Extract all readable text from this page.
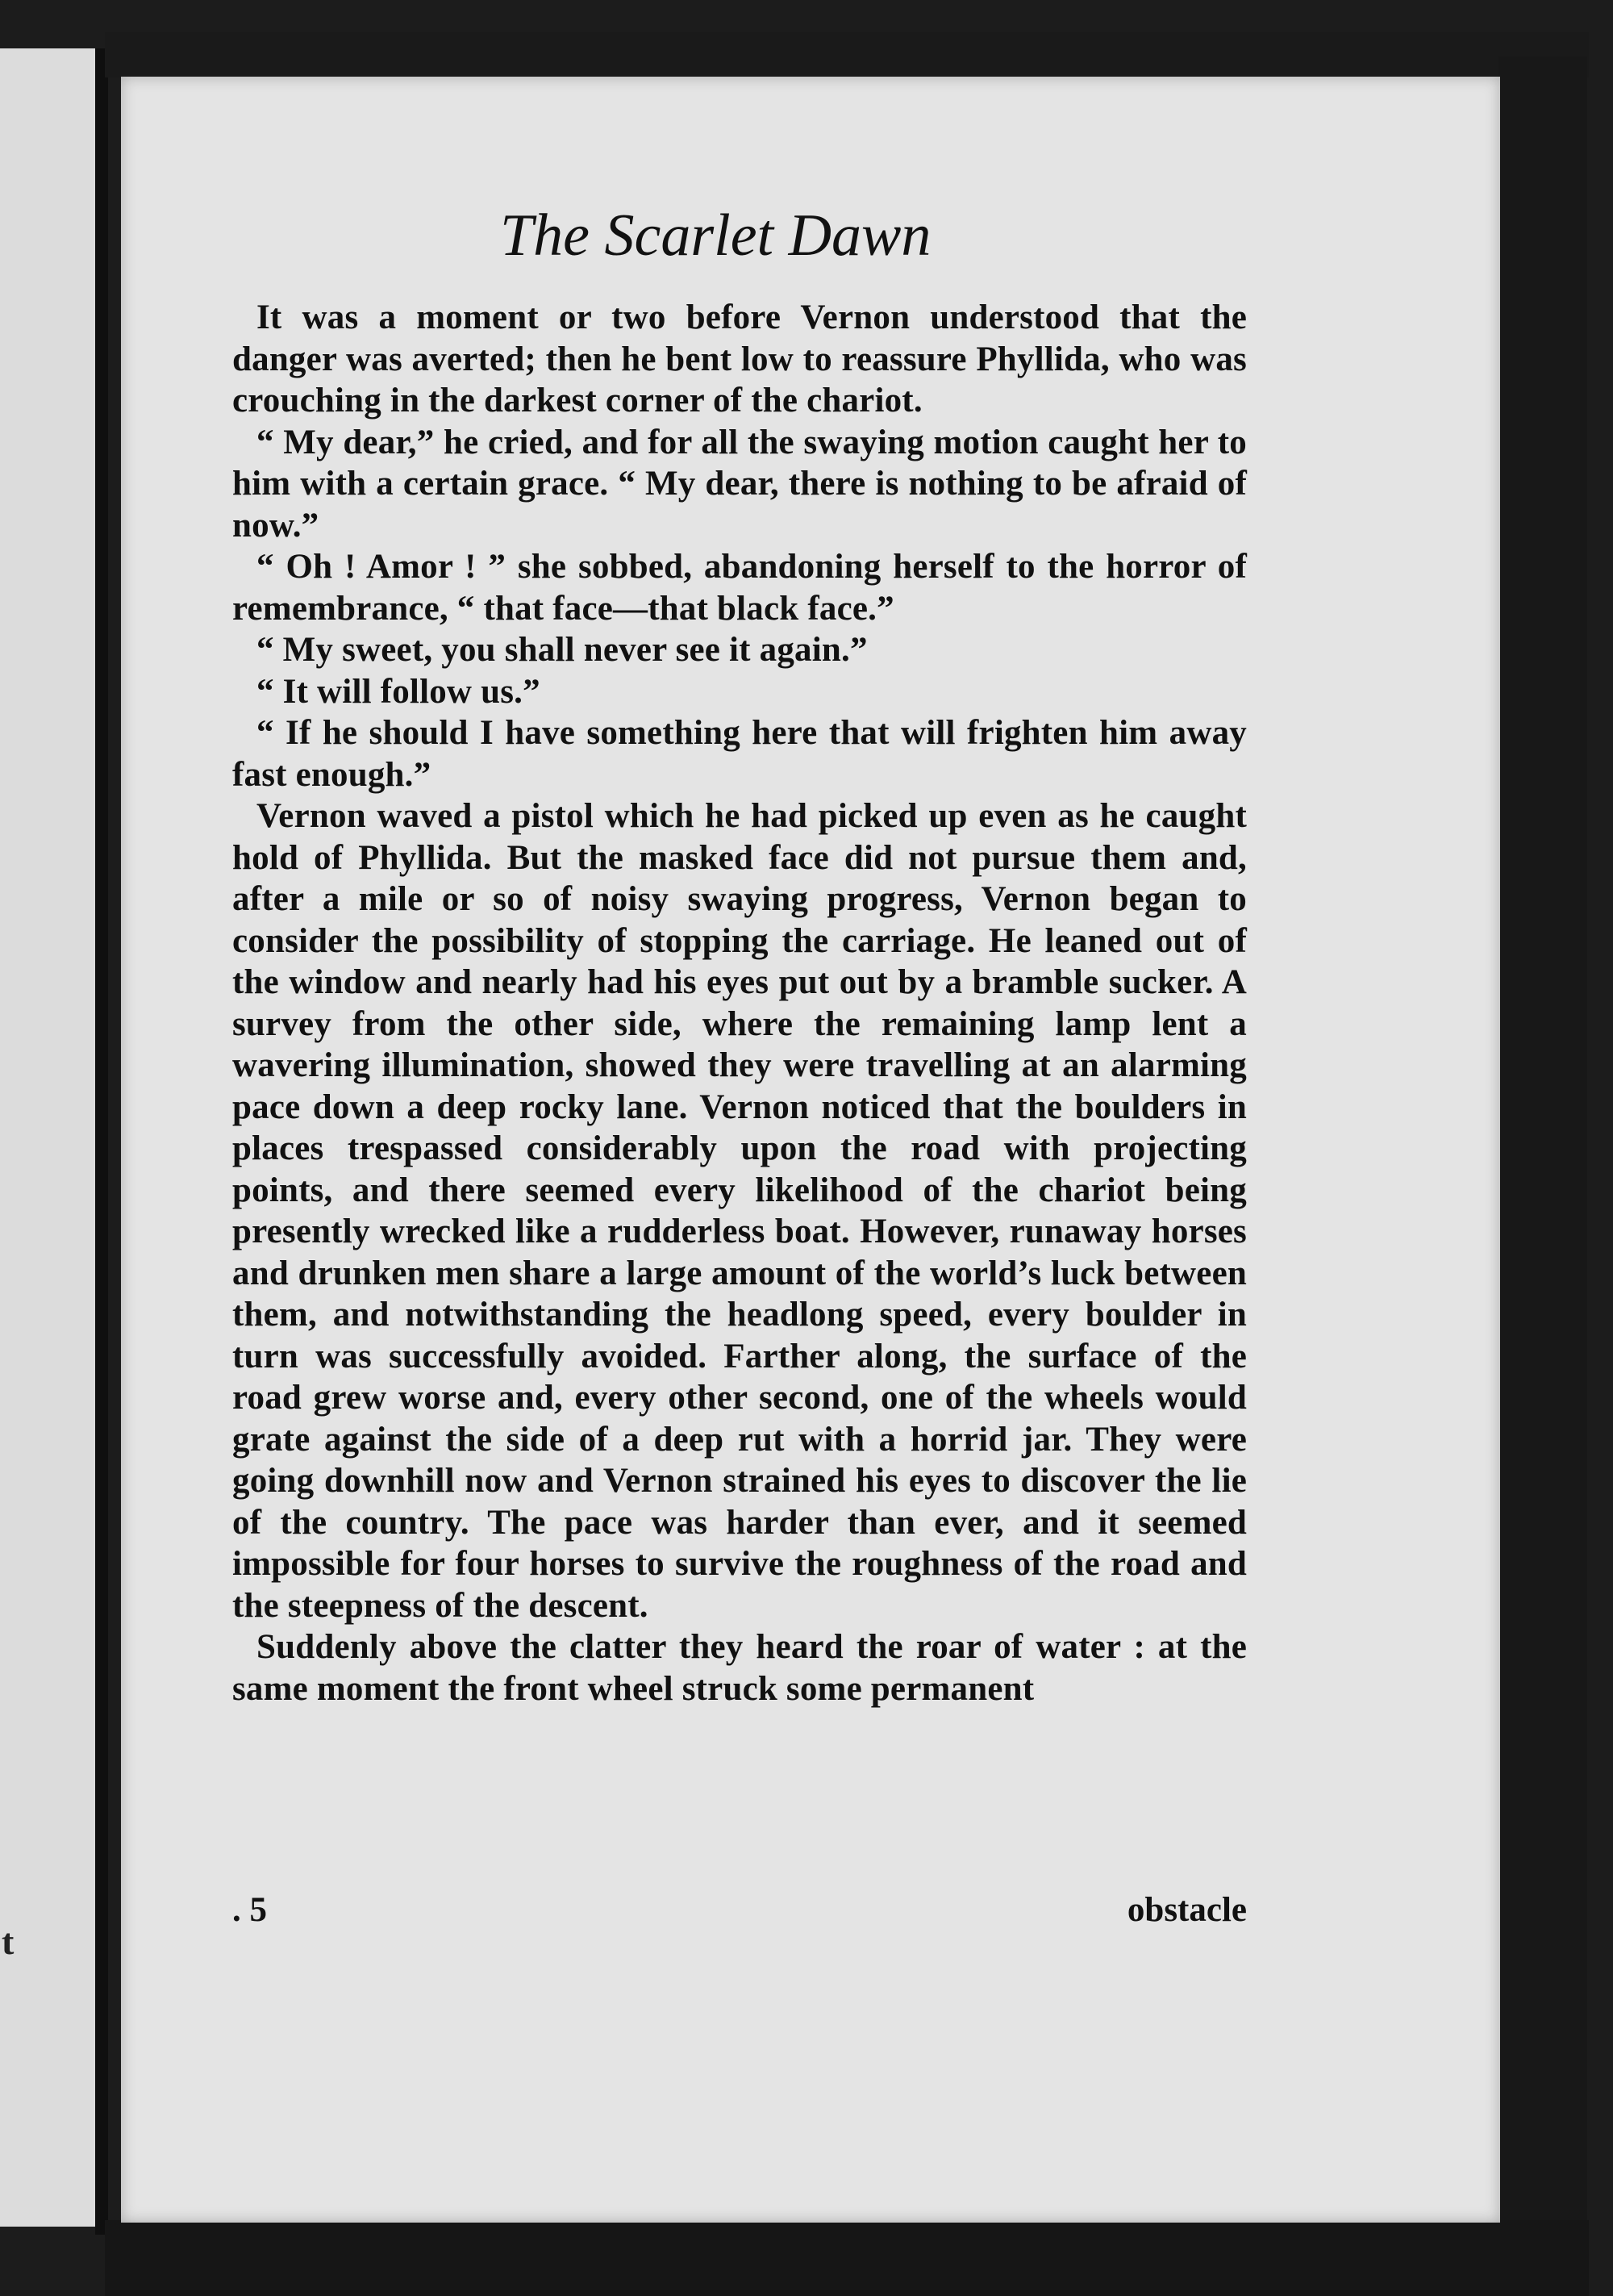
t
The Scarlet Dawn

It was a moment or two before Vernon understood that the danger was averted; then he bent low to reassure Phyllida, who was crouching in the darkest corner of the chariot.

“ My dear,” he cried, and for all the swaying motion caught her to him with a certain grace. “ My dear, there is nothing to be afraid of now.”

“ Oh ! Amor ! ” she sobbed, abandoning herself to the horror of remembrance, “ that face—that black face.”

“ My sweet, you shall never see it again.”

“ It will follow us.”

“ If he should I have something here that will frighten him away fast enough.”

Vernon waved a pistol which he had picked up even as he caught hold of Phyllida. But the masked face did not pursue them and, after a mile or so of noisy swaying progress, Vernon began to consider the possibility of stopping the carriage. He leaned out of the window and nearly had his eyes put out by a bramble sucker. A survey from the other side, where the remaining lamp lent a wavering illumination, showed they were travelling at an alarming pace down a deep rocky lane. Vernon noticed that the boulders in places trespassed considerably upon the road with projecting points, and there seemed every likelihood of the chariot being presently wrecked like a rudderless boat. However, runaway horses and drunken men share a large amount of the world’s luck between them, and notwithstanding the headlong speed, every boulder in turn was successfully avoided. Farther along, the surface of the road grew worse and, every other second, one of the wheels would grate against the side of a deep rut with a horrid jar. They were going downhill now and Vernon strained his eyes to discover the lie of the country. The pace was harder than ever, and it seemed impossible for four horses to survive the roughness of the road and the steepness of the descent.

Suddenly above the clatter they heard the roar of water : at the same moment the front wheel struck some permanent

. 5	obstacle
